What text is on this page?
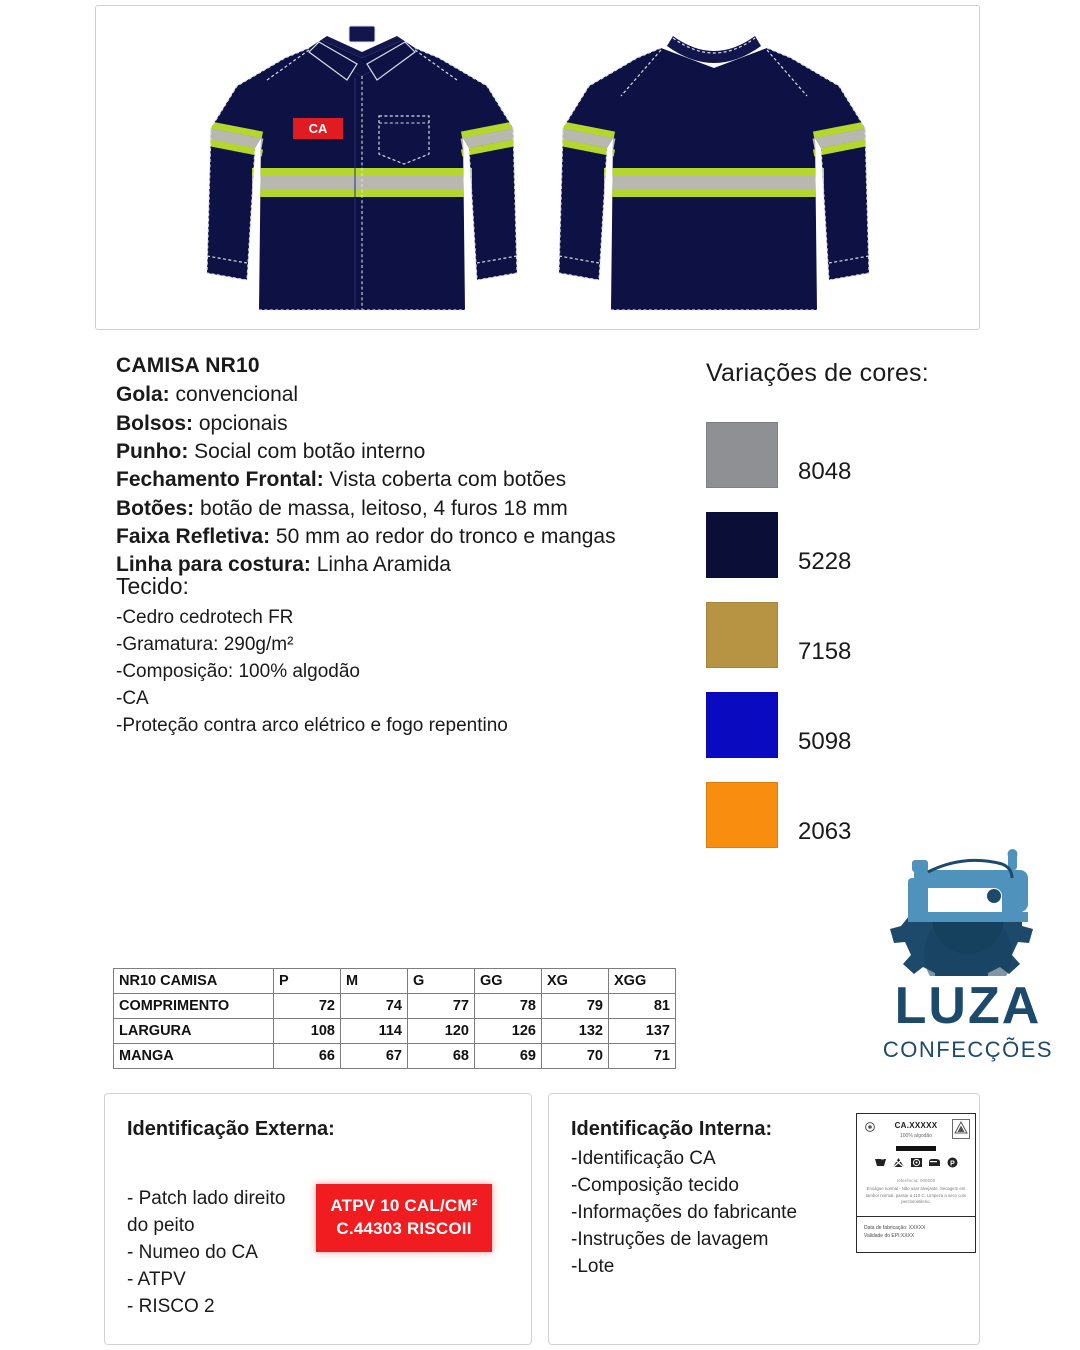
CA
CAMISA NR10

Gola: convencional

Bolsos: opcionais

Punho: Social com botão interno

Fechamento Frontal: Vista coberta com botões

Botões: botão de massa, leitoso, 4 furos 18 mm

Faixa Refletiva: 50 mm ao redor do tronco e mangas

Linha para costura: Linha Aramida

Tecido:

-Cedro cedrotech FR

-Gramatura: 290g/m²

-Composição: 100% algodão

-CA

-Proteção contra arco elétrico e fogo repentino

Variações de cores:
8048
5228
7158
5098
2063
LUZA
CONFECÇÕES
NR10 CAMISA	P	M	G	GG	XG	XGG
COMPRIMENTO	72	74	77	78	79	81
LARGURA	108	114	120	126	132	137
MANGA	66	67	68	69	70	71
Identificação Externa:
- Patch lado direito
do peito
- Numeo do CA
- ATPV
- RISCO 2
ATPV 10 CAL/CM²
C.44303 RISCOII
Identificação Interna:
-Identificação CA
-Composição tecido
-Informações do fabricante
-Instruções de lavagem
-Lote
CA.XXXXX
100% algodão
P
referência: 000000
Enxágue normal - Não usar alvejante. Secagem em tambor normal, passar a 110 C. Limpeza a seco com percloroetileno.
Data de fabricação: XXXXX
Validade do EPI:XXXX
